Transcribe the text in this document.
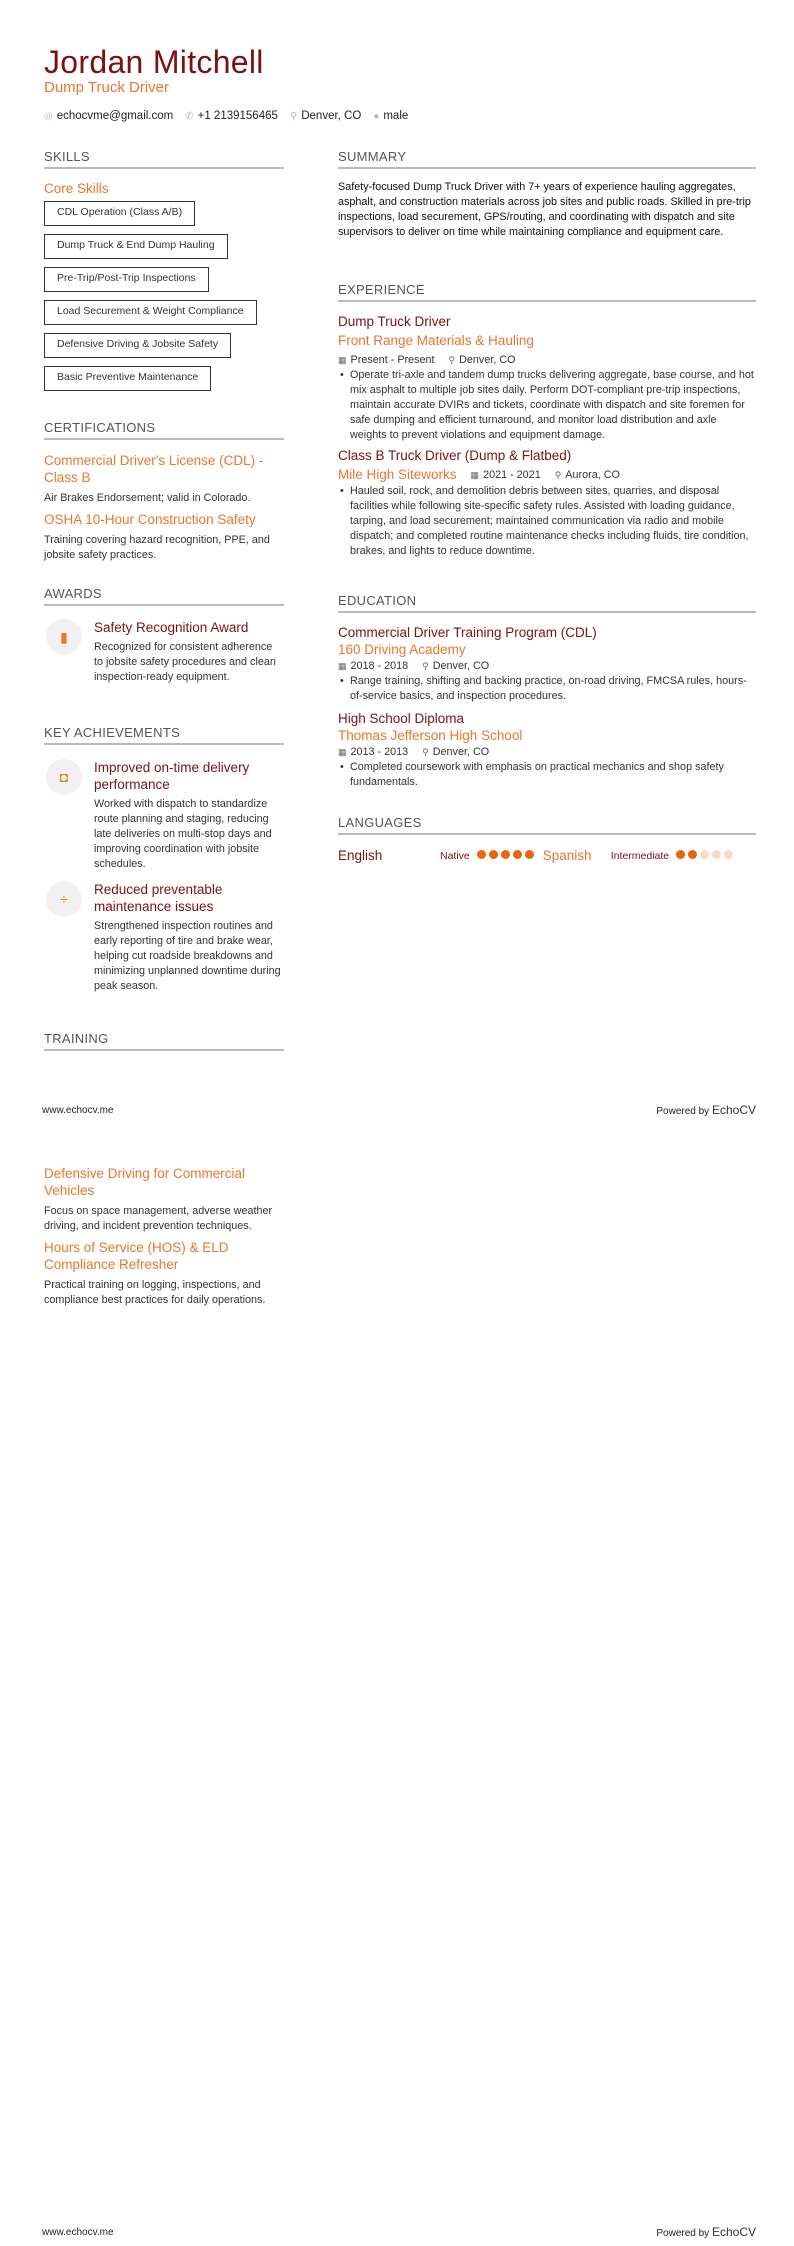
Jordan Mitchell
Dump Truck Driver
◎ echocvme@gmail.com ✆ +1 2139156465 ⚲ Denver, CO ● male
SKILLS
Core Skills
CDL Operation (Class A/B)
Dump Truck & End Dump Hauling
Pre-Trip/Post-Trip Inspections
Load Securement & Weight Compliance
Defensive Driving & Jobsite Safety
Basic Preventive Maintenance
CERTIFICATIONS
Commercial Driver's License (CDL) - Class B
Air Brakes Endorsement; valid in Colorado.
OSHA 10-Hour Construction Safety
Training covering hazard recognition, PPE, and jobsite safety practices.
AWARDS
▮
Safety Recognition Award
Recognized for consistent adherence to jobsite safety procedures and clean inspection-ready equipment.
KEY ACHIEVEMENTS
◘
Improved on-time delivery performance
Worked with dispatch to standardize route planning and staging, reducing late deliveries on multi-stop days and improving coordination with jobsite schedules.
÷
Reduced preventable maintenance issues
Strengthened inspection routines and early reporting of tire and brake wear, helping cut roadside breakdowns and minimizing unplanned downtime during peak season.
TRAINING
Defensive Driving for Commercial Vehicles
Focus on space management, adverse weather driving, and incident prevention techniques.
Hours of Service (HOS) & ELD Compliance Refresher
Practical training on logging, inspections, and compliance best practices for daily operations.
SUMMARY
Safety-focused Dump Truck Driver with 7+ years of experience hauling aggregates, asphalt, and construction materials across job sites and public roads. Skilled in pre-trip inspections, load securement, GPS/routing, and coordinating with dispatch and site supervisors to deliver on time while maintaining compliance and equipment care.
EXPERIENCE
Dump Truck Driver
Front Range Materials & Hauling
▦ Present - Present ⚲ Denver, CO
• Operate tri-axle and tandem dump trucks delivering aggregate, base course, and hot mix asphalt to multiple job sites daily. Perform DOT-compliant pre-trip inspections, maintain accurate DVIRs and tickets, coordinate with dispatch and site foremen for safe dumping and efficient turnaround, and monitor load distribution and axle weights to prevent violations and equipment damage.
Class B Truck Driver (Dump & Flatbed)
Mile High Siteworks ▦ 2021 - 2021 ⚲ Aurora, CO
• Hauled soil, rock, and demolition debris between sites, quarries, and disposal facilities while following site-specific safety rules. Assisted with loading guidance, tarping, and load securement; maintained communication via radio and mobile dispatch; and completed routine maintenance checks including fluids, tire condition, brakes, and lights to reduce downtime.
EDUCATION
Commercial Driver Training Program (CDL)
160 Driving Academy
▦ 2018 - 2018 ⚲ Denver, CO
• Range training, shifting and backing practice, on-road driving, FMCSA rules, hours-of-service basics, and inspection procedures.
High School Diploma
Thomas Jefferson High School
▦ 2013 - 2013 ⚲ Denver, CO
• Completed coursework with emphasis on practical mechanics and shop safety fundamentals.
LANGUAGES
English	Native	Spanish	Intermediate
www.echocv.me	Powered by EchoCV
www.echocv.me	Powered by EchoCV
